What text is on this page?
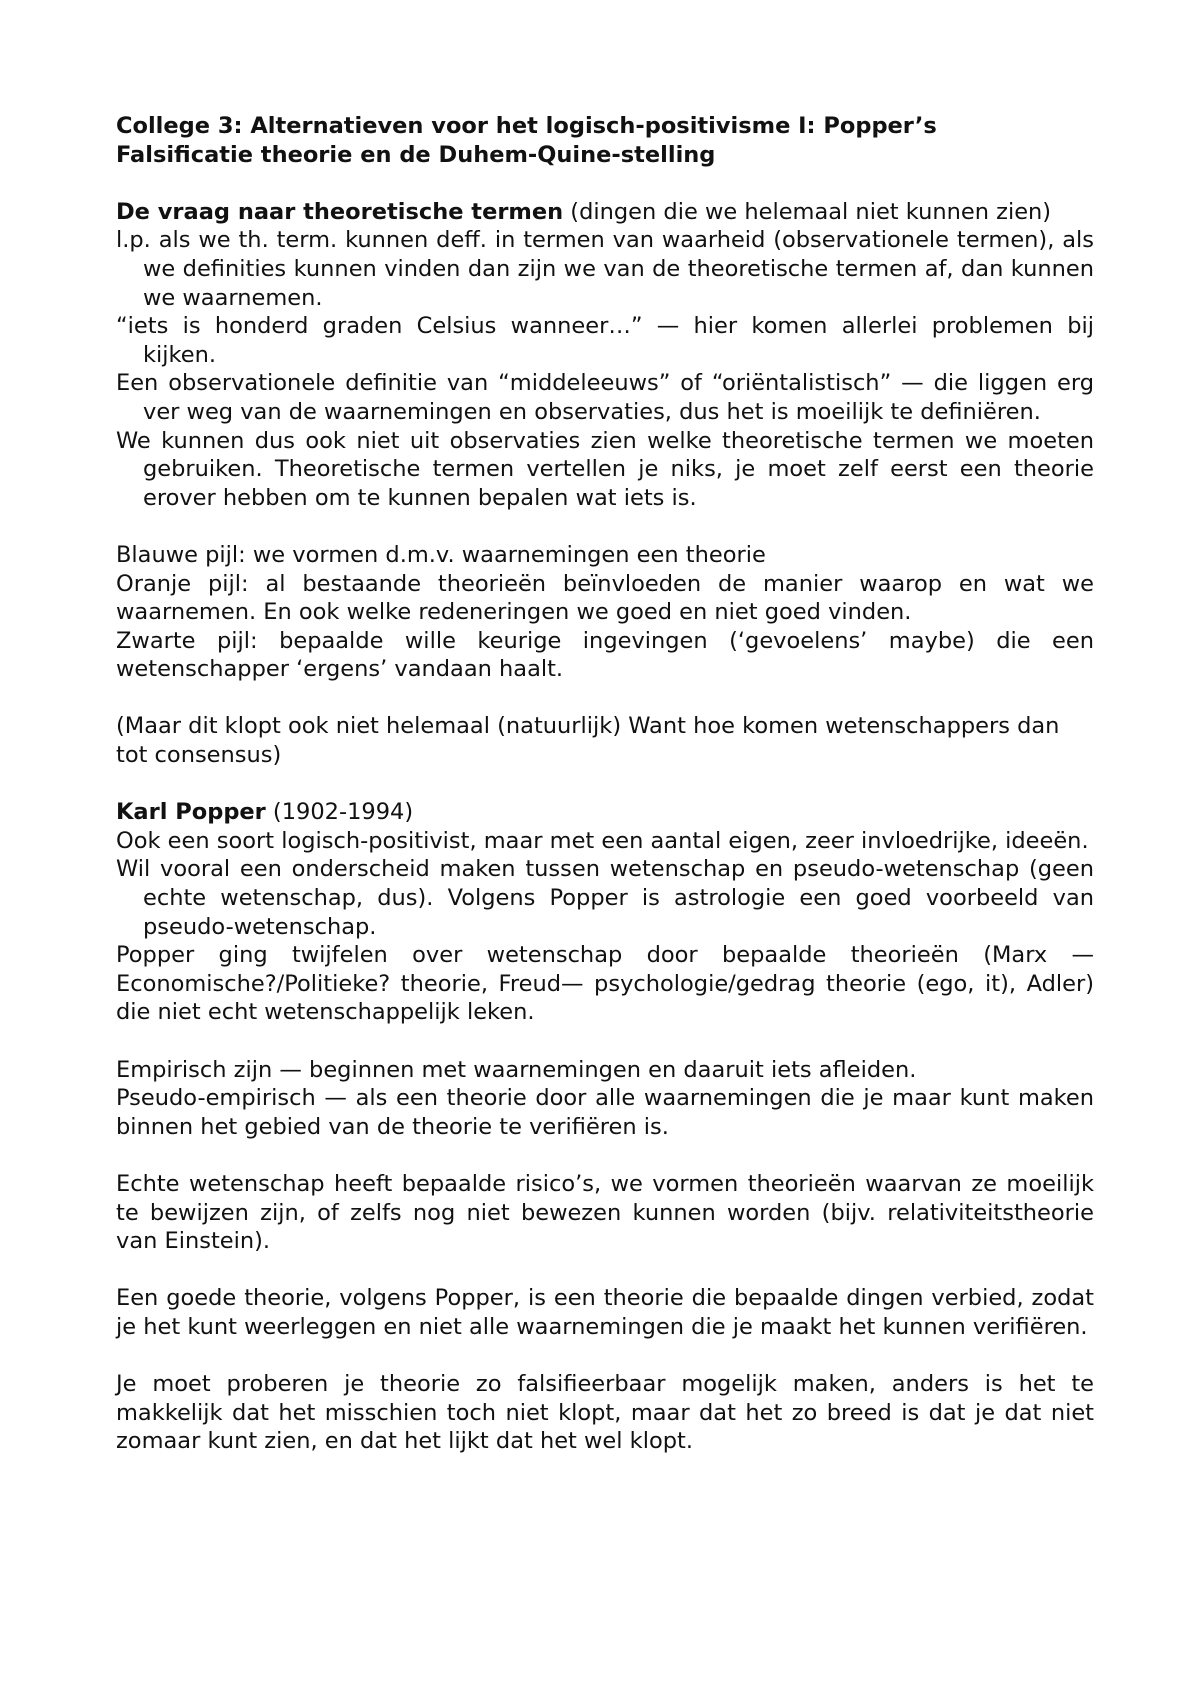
College 3: Alternatieven voor het logisch-positivisme I: Popper’s
Falsificatie theorie en de Duhem-Quine-stelling

De vraag naar theoretische termen (dingen die we helemaal niet kunnen zien)

l.p. als we th. term. kunnen deff. in termen van waarheid (observationele termen), als we definities kunnen vinden dan zijn we van de theoretische termen af, dan kunnen we waarnemen.

“iets is honderd graden Celsius wanneer…” — hier komen allerlei problemen bij kijken.

Een observationele definitie van “middeleeuws” of “oriëntalistisch” — die liggen erg ver weg van de waarnemingen en observaties, dus het is moeilijk te definiëren.

We kunnen dus ook niet uit observaties zien welke theoretische termen we moeten gebruiken. Theoretische termen vertellen je niks, je moet zelf eerst een theorie erover hebben om te kunnen bepalen wat iets is.

Blauwe pijl: we vormen d.m.v. waarnemingen een theorie

Oranje pijl: al bestaande theorieën beïnvloeden de manier waarop en wat we waarnemen. En ook welke redeneringen we goed en niet goed vinden.

Zwarte pijl: bepaalde wille keurige ingevingen (‘gevoelens’ maybe) die een wetenschapper ‘ergens’ vandaan haalt.

(Maar dit klopt ook niet helemaal (natuurlijk) Want hoe komen wetenschappers dan tot consensus)

Karl Popper (1902-1994)

Ook een soort logisch-positivist, maar met een aantal eigen, zeer invloedrijke, ideeën.

Wil vooral een onderscheid maken tussen wetenschap en pseudo-wetenschap (geen echte wetenschap, dus). Volgens Popper is astrologie een goed voorbeeld van pseudo-wetenschap.

Popper ging twijfelen over wetenschap door bepaalde theorieën (Marx — Economische?/Politieke? theorie, Freud— psychologie/gedrag theorie (ego, it), Adler) die niet echt wetenschappelijk leken.

Empirisch zijn — beginnen met waarnemingen en daaruit iets afleiden.

Pseudo-empirisch — als een theorie door alle waarnemingen die je maar kunt maken binnen het gebied van de theorie te verifiëren is.

Echte wetenschap heeft bepaalde risico’s, we vormen theorieën waarvan ze moeilijk te bewijzen zijn, of zelfs nog niet bewezen kunnen worden (bijv. relativiteitstheorie van Einstein).

Een goede theorie, volgens Popper, is een theorie die bepaalde dingen verbied, zodat je het kunt weerleggen en niet alle waarnemingen die je maakt het kunnen verifiëren.

Je moet proberen je theorie zo falsifieerbaar mogelijk maken, anders is het te makkelijk dat het misschien toch niet klopt, maar dat het zo breed is dat je dat niet zomaar kunt zien, en dat het lijkt dat het wel klopt.
